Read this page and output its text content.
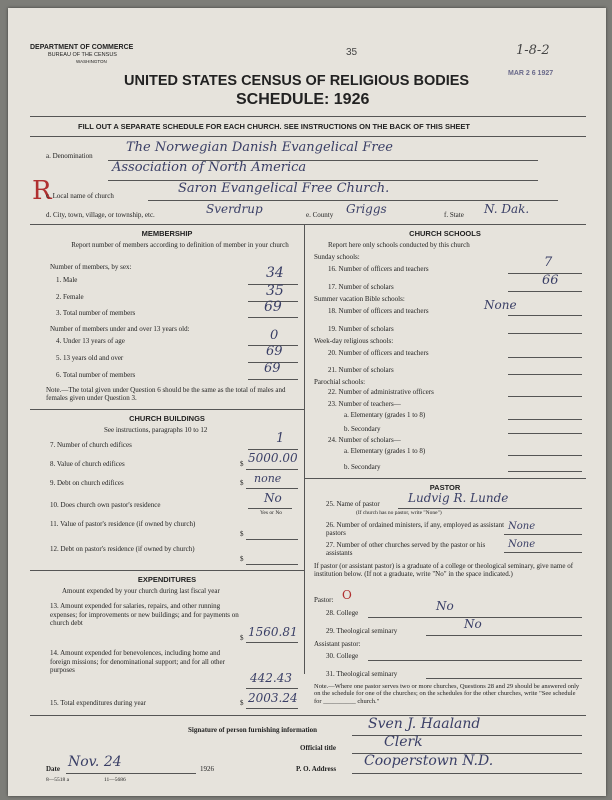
DEPARTMENT OF COMMERCE
BUREAU OF THE CENSUS
WASHINGTON
35	1-8-2
MAR 2 6 1927
UNITED STATES CENSUS OF RELIGIOUS BODIES
SCHEDULE: 1926
FILL OUT A SEPARATE SCHEDULE FOR EACH CHURCH. SEE INSTRUCTIONS ON THE BACK OF THIS SHEET
R
a. Denomination
The Norwegian Danish Evangelical Free
Association of North America
c. Local name of church	Saron Evangelical Free Church.
d. City, town, village, or township, etc.	Sverdrup	e. County Griggs	f. State N. Dak.
MEMBERSHIP
Report number of members according to definition of member in your church
Number of members, by sex:
1. Male	34
2. Female	35
3. Total number of members	69
Number of members under and over 13 years old:
4. Under 13 years of age	0
5. 13 years old and over	69
6. Total number of members	69
Note.—The total given under Question 6 should be the same as the total of males and females given under Question 3.
CHURCH BUILDINGS
See instructions, paragraphs 10 to 12
7. Number of church edifices	1
8. Value of church edifices	$ 5000.00
9. Debt on church edifices	$ none
10. Does church own pastor's residence	No
Yes or No
11. Value of pastor's residence (if owned by church)
$
12. Debt on pastor's residence (if owned by church)
$
EXPENDITURES
Amount expended by your church during last fiscal year
13. Amount expended for salaries, repairs, and other running expenses; for improvements or new buildings; and for payments on church debt
$ 1560.81
14. Amount expended for benevolences, including home and foreign missions; for denominational support; and for all other purposes
442.43
15. Total expenditures during year	$ 2003.24
CHURCH SCHOOLS
Report here only schools conducted by this church
Sunday schools:
16. Number of officers and teachers	7
17. Number of scholars	66
Summer vacation Bible schools:
18. Number of officers and teachers	None
19. Number of scholars
Week-day religious schools:
20. Number of officers and teachers
21. Number of scholars
Parochial schools:
22. Number of administrative officers
23. Number of teachers—
a. Elementary (grades 1 to 8)
b. Secondary
24. Number of scholars—
a. Elementary (grades 1 to 8)
b. Secondary
PASTOR
25. Name of pastor Ludvig R. Lunde
(If church has no pastor, write "None")
26. Number of ordained ministers, if any, employed as assistant pastors
None
27. Number of other churches served by the pastor or his assistants
None
If pastor (or assistant pastor) is a graduate of a college or theological seminary, give name of institution below. (If not a graduate, write "No" in the space indicated.)
Pastor: O
28. College	No
29. Theological seminary	No
Assistant pastor:
30. College
31. Theological seminary
Note.—Where one pastor serves two or more churches, Questions 28 and 29 should be answered only on the schedule for one of the churches; on the schedules for the other churches, write "See schedule for __________ church."
Signature of person furnishing information	Sven J. Haaland
Official title	Clerk
Date Nov. 24	1926	P. O. Address Cooperstown N.D.
8—5518 a	11—5686
